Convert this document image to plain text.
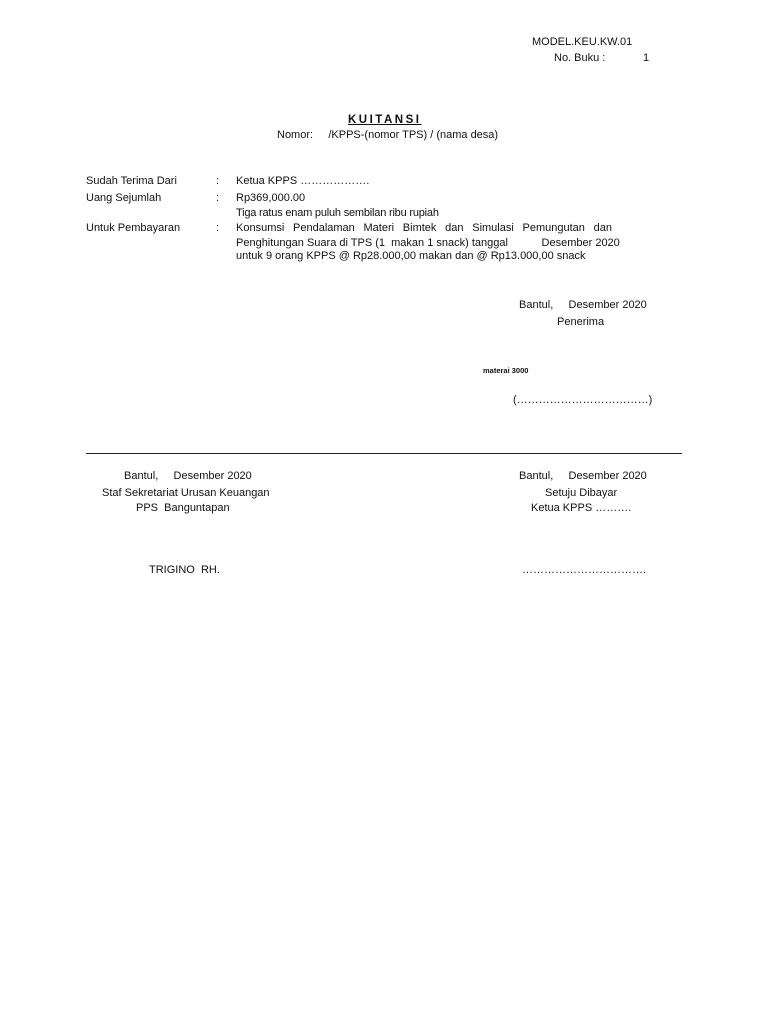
MODEL.KEU.KW.01
No. Buku :	1
KUITANSI
Nomor:     /KPPS-(nomor TPS) / (nama desa)
Sudah Terima Dari	: Ketua KPPS ……………….
Uang Sejumlah	: Rp369,000.00
Tiga ratus enam puluh sembilan ribu rupiah
Untuk Pembayaran	: Konsumsi Pendalaman Materi Bimtek dan Simulasi Pemungutan dan
Penghitungan Suara di TPS (1  makan 1 snack) tanggal           Desember 2020
untuk 9 orang KPPS @ Rp28.000,00 makan dan @ Rp13.000,00 snack
Bantul,     Desember 2020
Penerima
materai 3000
(………………………………)
Bantul,     Desember 2020
Staf Sekretariat Urusan Keuangan
PPS  Banguntapan
TRIGINO  RH.
Bantul,     Desember 2020
Setuju Dibayar
Ketua KPPS ……….
…………………………….
